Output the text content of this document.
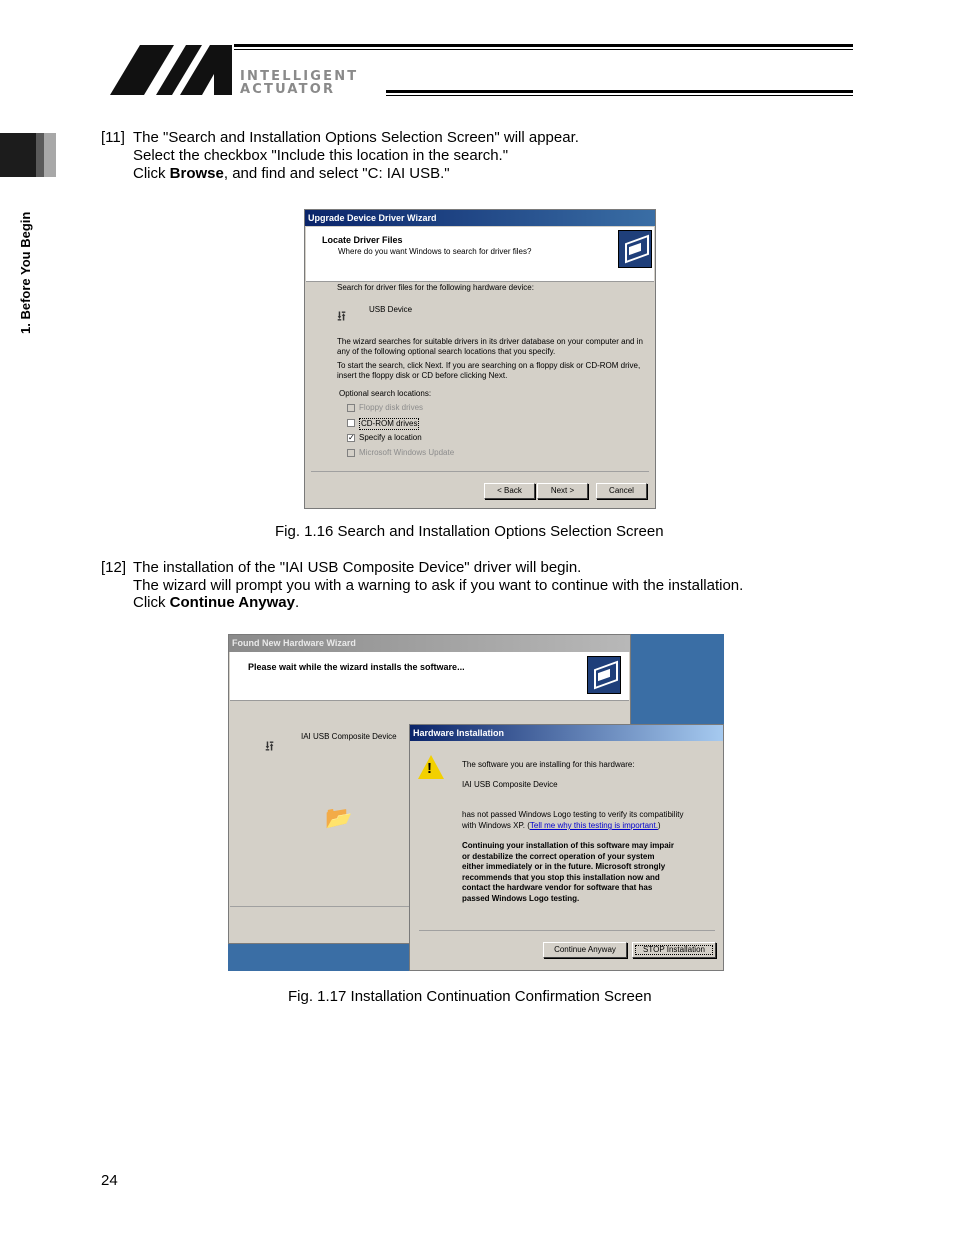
INTELLIGENT
ACTUATOR
1. Before You Begin
[11] The "Search and Installation Options Selection Screen" will appear.
Select the checkbox "Include this location in the search."
Click Browse, and find and select "C: IAI USB."
Upgrade Device Driver Wizard
Locate Driver Files
Where do you want Windows to search for driver files?
Search for driver files for the following hardware device:
⭿	USB Device
The wizard searches for suitable drivers in its driver database on your computer and in
any of the following optional search locations that you specify.
To start the search, click Next. If you are searching on a floppy disk or CD-ROM drive,
insert the floppy disk or CD before clicking Next.
Optional search locations:
Floppy disk drives
CD-ROM drives
✓ Specify a location
Microsoft Windows Update
< Back	Next >	Cancel
Fig. 1.16 Search and Installation Options Selection Screen
[12] The installation of the "IAI USB Composite Device" driver will begin.
The wizard will prompt you with a warning to ask if you want to continue with the installation.
Click Continue Anyway.
Found New Hardware Wizard
Please wait while the wizard installs the software...
⭿
IAI USB Composite Device
📂
Hardware Installation
!	The software you are installing for this hardware:
IAI USB Composite Device
has not passed Windows Logo testing to verify its compatibility
with Windows XP. (Tell me why this testing is important.)
Continuing your installation of this software may impair
or destabilize the correct operation of your system
either immediately or in the future. Microsoft strongly
recommends that you stop this installation now and
contact the hardware vendor for software that has
passed Windows Logo testing.
Continue Anyway	STOP Installation
Fig. 1.17 Installation Continuation Confirmation Screen
24
